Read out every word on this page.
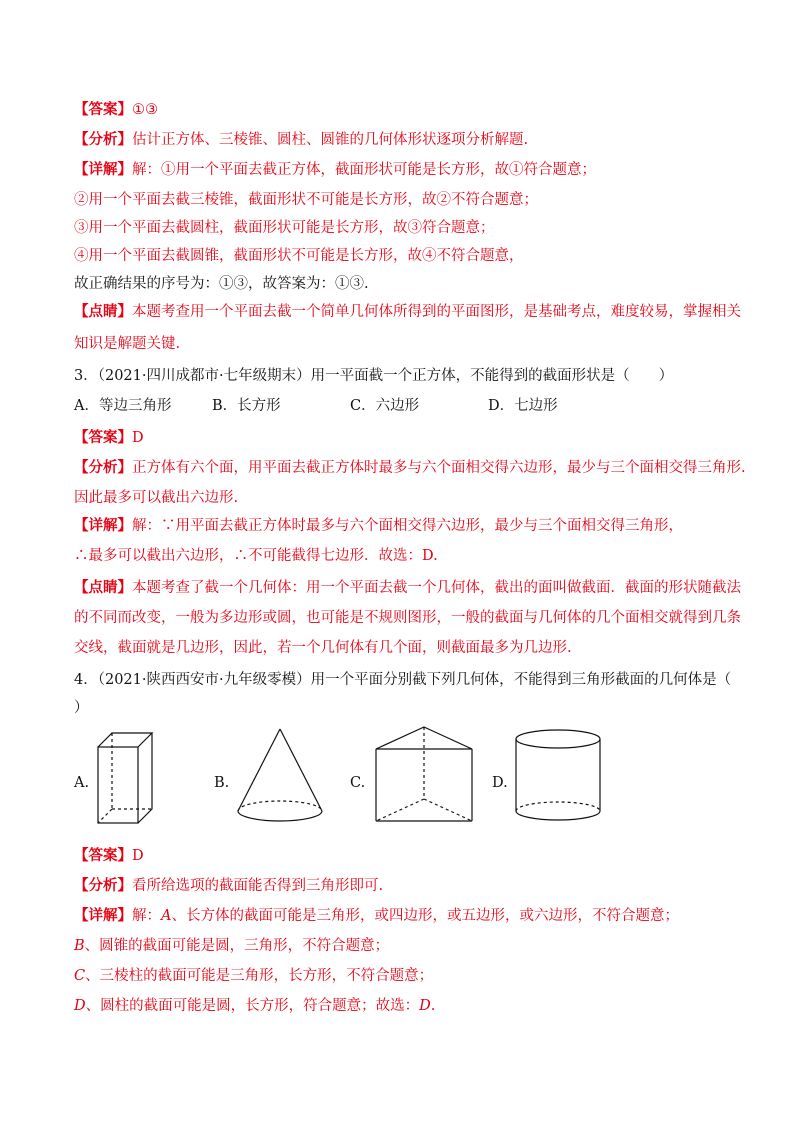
【答案】①③
【分析】估计正方体、三棱锥、圆柱、圆锥的几何体形状逐项分析解题.
【详解】解：①用一个平面去截正方体，截面形状可能是长方形，故①符合题意；
②用一个平面去截三棱锥，截面形状不可能是长方形，故②不符合题意；
③用一个平面去截圆柱，截面形状可能是长方形，故③符合题意；
④用一个平面去截圆锥，截面形状不可能是长方形，故④不符合题意，
故正确结果的序号为：①③，故答案为：①③.
【点睛】本题考查用一个平面去截一个简单几何体所得到的平面图形，是基础考点，难度较易，掌握相关
知识是解题关键.
3．（2021·四川成都市·七年级期末）用一平面截一个正方体，不能得到的截面形状是（　　）
A．等边三角形	B．长方形	C．六边形	D．七边形
【答案】D
【分析】正方体有六个面，用平面去截正方体时最多与六个面相交得六边形，最少与三个面相交得三角形.
因此最多可以截出六边形.
【详解】解：∵用平面去截正方体时最多与六个面相交得六边形，最少与三个面相交得三角形，
∴最多可以截出六边形，∴不可能截得七边形．故选：D.
【点睛】本题考查了截一个几何体：用一个平面去截一个几何体，截出的面叫做截面．截面的形状随截法
的不同而改变，一般为多边形或圆，也可能是不规则图形，一般的截面与几何体的几个面相交就得到几条
交线，截面就是几边形，因此，若一个几何体有几个面，则截面最多为几边形.
4．（2021·陕西西安市·九年级零模）用一个平面分别截下列几何体，不能得到三角形截面的几何体是（
）
A.	B.	C.	D.
【答案】D
【分析】看所给选项的截面能否得到三角形即可.
【详解】解：A、长方体的截面可能是三角形，或四边形，或五边形，或六边形，不符合题意；
B、圆锥的截面可能是圆，三角形，不符合题意；
C、三棱柱的截面可能是三角形，长方形，不符合题意；
D、圆柱的截面可能是圆，长方形，符合题意；故选：D.
